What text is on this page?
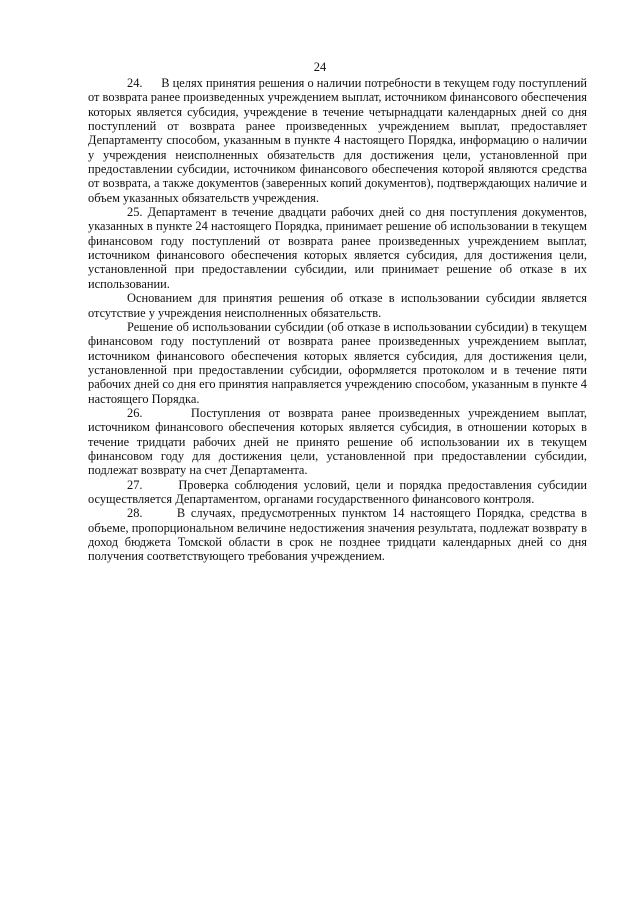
24

24.      В целях принятия решения о наличии потребности в текущем году поступлений от возврата ранее произведенных учреждением выплат, источником финансового обеспечения которых является субсидия, учреждение в течение четырнадцати календарных дней со дня поступлений от возврата ранее произведенных учреждением выплат, предоставляет Департаменту способом, указанным в пункте 4 настоящего Порядка, информацию о наличии у учреждения неисполненных обязательств для достижения цели, установленной при предоставлении субсидии, источником финансового обеспечения которой являются средства от возврата, а также документов (заверенных копий документов), подтверждающих наличие и объем указанных обязательств учреждения.

25. Департамент в течение двадцати рабочих дней со дня поступления документов, указанных в пункте 24 настоящего Порядка, принимает решение об использовании в текущем финансовом году поступлений от возврата ранее произведенных учреждением выплат, источником финансового обеспечения которых является субсидия, для достижения цели, установленной при предоставлении субсидии, или принимает решение об отказе в их использовании.

Основанием для принятия решения об отказе в использовании субсидии является отсутствие у учреждения неисполненных обязательств.

Решение об использовании субсидии (об отказе в использовании субсидии) в текущем финансовом году поступлений от возврата ранее произведенных учреждением выплат, источником финансового обеспечения которых является субсидия, для достижения цели, установленной при предоставлении субсидии, оформляется протоколом и в течение пяти рабочих дней со дня его принятия направляется учреждению способом, указанным в пункте 4 настоящего Порядка.

26.      Поступления от возврата ранее произведенных учреждением выплат, источником финансового обеспечения которых является субсидия, в отношении которых в течение тридцати рабочих дней не принято решение об использовании их в текущем финансовом году для достижения цели, установленной при предоставлении субсидии, подлежат возврату на счет Департамента.

27.      Проверка соблюдения условий, цели и порядка предоставления субсидии осуществляется Департаментом, органами государственного финансового контроля.

28.      В случаях, предусмотренных пунктом 14 настоящего Порядка, средства в объеме, пропорциональном величине недостижения значения результата, подлежат возврату в доход бюджета Томской области в срок не позднее тридцати календарных дней со дня получения соответствующего требования учреждением.
